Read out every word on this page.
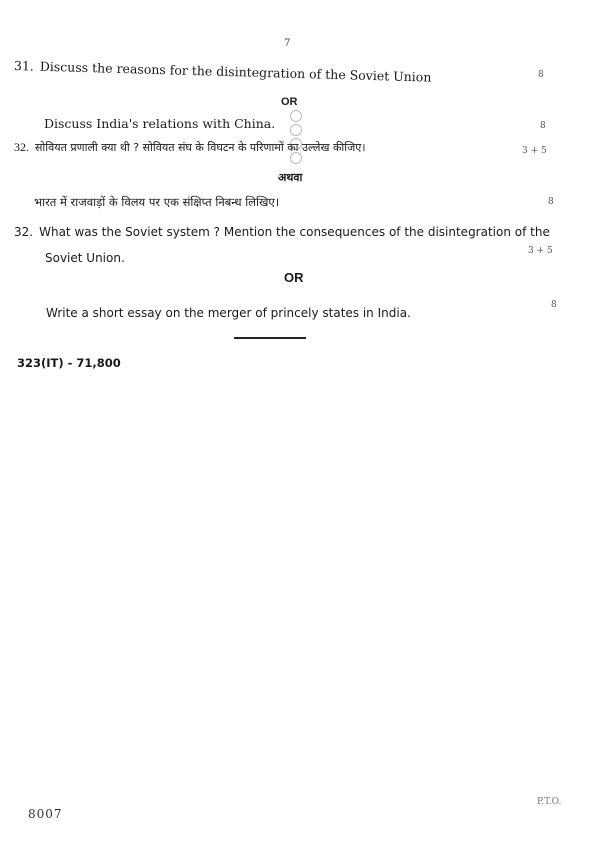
7
31. Discuss the reasons for the disintegration of the Soviet Union	8
OR
Discuss India's relations with China.	8
32. सोवियत प्रणाली क्या थी ? सोवियत संघ के विघटन के परिणामों का उल्लेख कीजिए।	3 + 5
अथवा
भारत में राजवाड़ों के विलय पर एक संक्षिप्त निबन्ध लिखिए।	8
32. What was the Soviet system ? Mention the consequences of the disintegration of the
Soviet Union.	3 + 5
OR
Write a short essay on the merger of princely states in India.
8
323(IT) - 71,800
8007
P.T.O.
